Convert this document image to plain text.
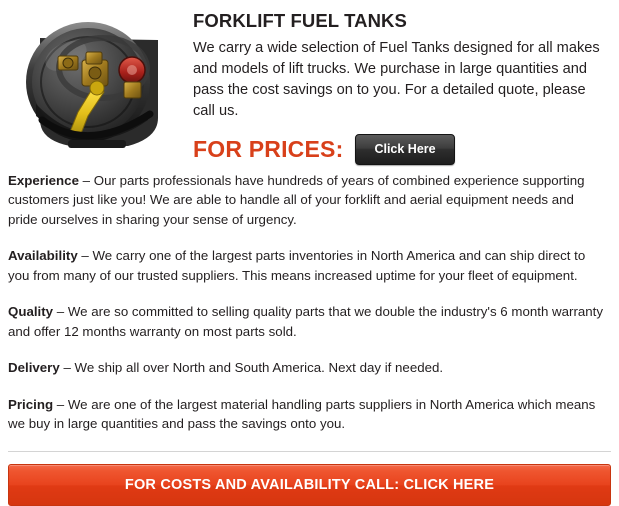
FORKLIFT FUEL TANKS

We carry a wide selection of Fuel Tanks designed for all makes and models of lift trucks. We purchase in large quantities and pass the cost savings on to you. For a detailed quote, please call us.

FOR PRICES:	Click Here

Experience – Our parts professionals have hundreds of years of combined experience supporting customers just like you! We are able to handle all of your forklift and aerial equipment needs and pride ourselves in sharing your sense of urgency.

Availability – We carry one of the largest parts inventories in North America and can ship direct to you from many of our trusted suppliers. This means increased uptime for your fleet of equipment.

Quality – We are so committed to selling quality parts that we double the industry's 6 month warranty and offer 12 months warranty on most parts sold.

Delivery – We ship all over North and South America. Next day if needed.

Pricing – We are one of the largest material handling parts suppliers in North America which means we buy in large quantities and pass the savings onto you.

FOR COSTS AND AVAILABILITY CALL: CLICK HERE
